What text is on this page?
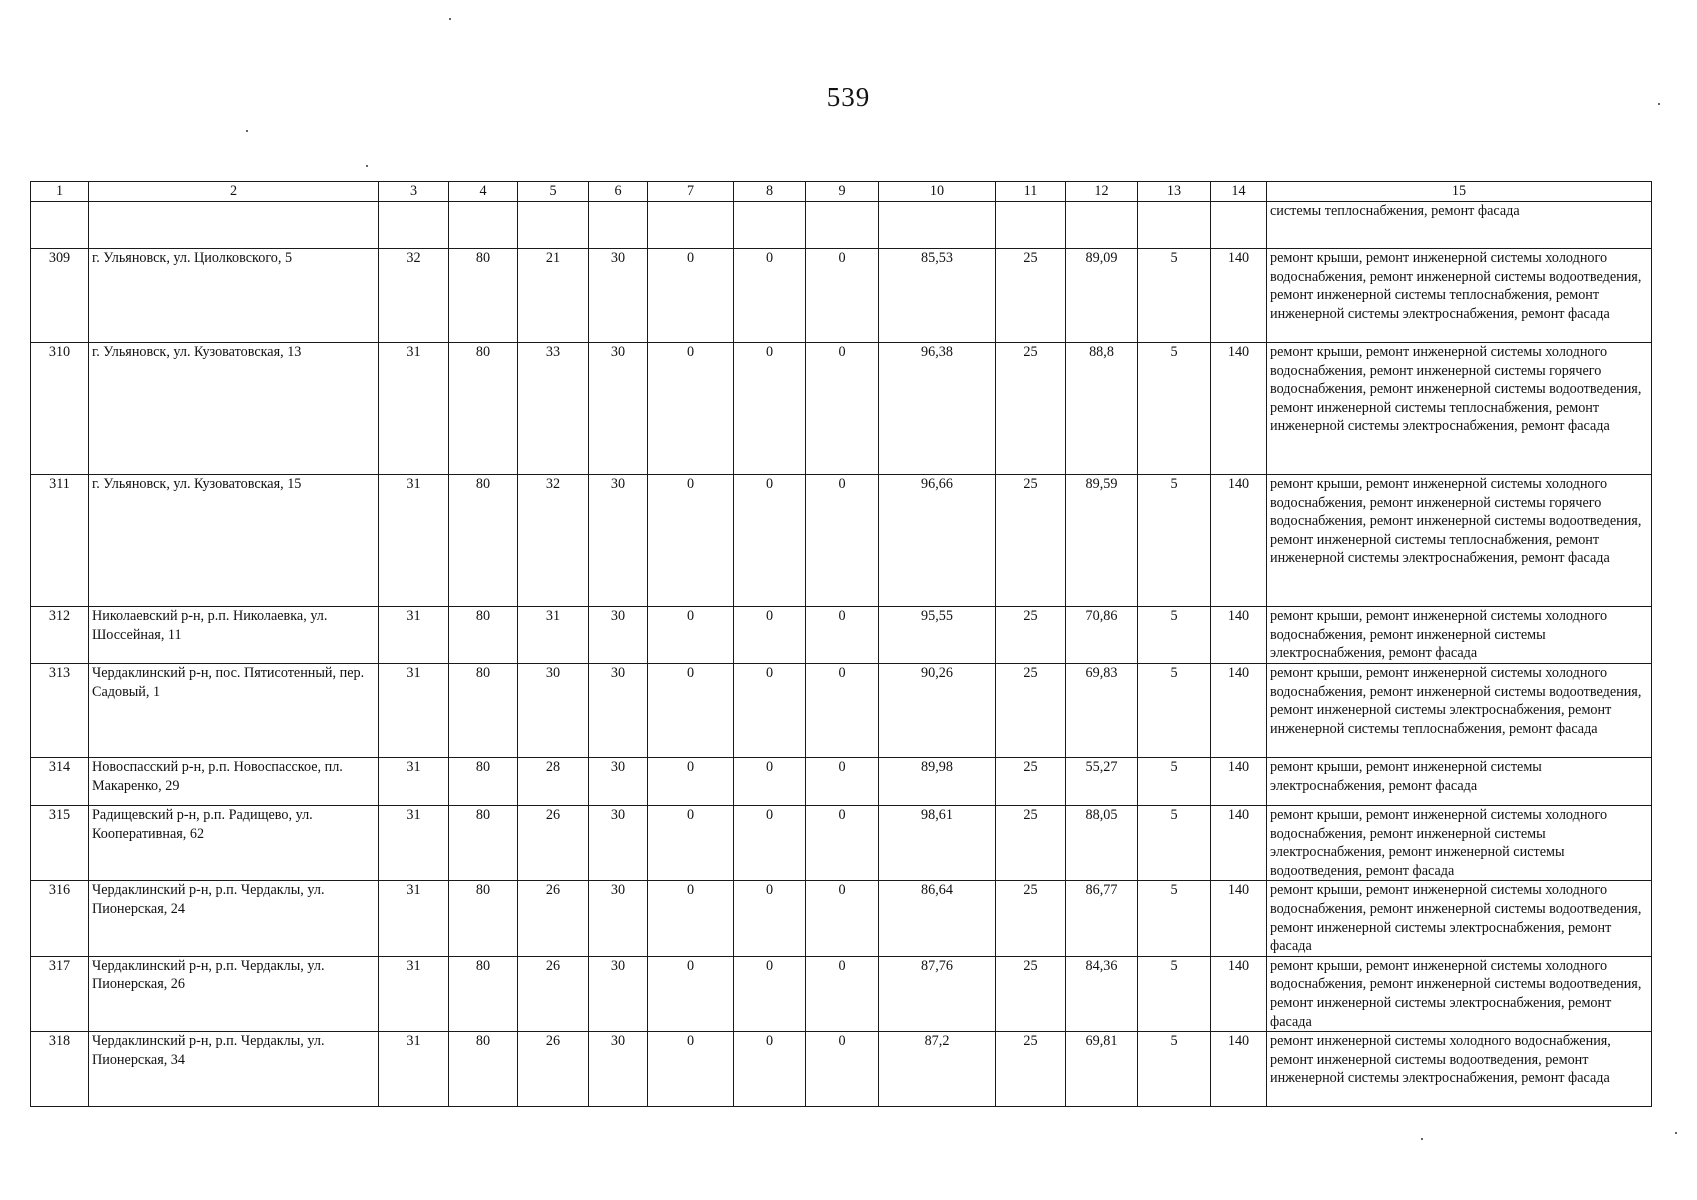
539
1	2	3	4	5	6	7	8	9	10	11	12	13	14	15
														системы теплоснабжения, ремонт фасада
309	г. Ульяновск, ул. Циолковского, 5	32	80	21	30	0	0	0	85,53	25	89,09	5	140	ремонт крыши, ремонт инженерной системы холодного водоснабжения, ремонт инженерной системы водоотведения, ремонт инженерной системы теплоснабжения, ремонт инженерной системы электроснабжения, ремонт фасада
310	г. Ульяновск, ул. Кузоватовская, 13	31	80	33	30	0	0	0	96,38	25	88,8	5	140	ремонт крыши, ремонт инженерной системы холодного водоснабжения, ремонт инженерной системы горячего водоснабжения, ремонт инженерной системы водоотведения, ремонт инженерной системы теплоснабжения, ремонт инженерной системы электроснабжения, ремонт фасада
311	г. Ульяновск, ул. Кузоватовская, 15	31	80	32	30	0	0	0	96,66	25	89,59	5	140	ремонт крыши, ремонт инженерной системы холодного водоснабжения, ремонт инженерной системы горячего водоснабжения, ремонт инженерной системы водоотведения, ремонт инженерной системы теплоснабжения, ремонт инженерной системы электроснабжения, ремонт фасада
312	Николаевский р-н, р.п. Николаевка, ул. Шоссейная, 11	31	80	31	30	0	0	0	95,55	25	70,86	5	140	ремонт крыши, ремонт инженерной системы холодного водоснабжения, ремонт инженерной системы электроснабжения, ремонт фасада
313	Чердаклинский р-н, пос. Пятисотенный, пер. Садовый, 1	31	80	30	30	0	0	0	90,26	25	69,83	5	140	ремонт крыши, ремонт инженерной системы холодного водоснабжения, ремонт инженерной системы водоотведения, ремонт инженерной системы электроснабжения, ремонт инженерной системы теплоснабжения, ремонт фасада
314	Новоспасский р-н, р.п. Новоспасское, пл. Макаренко, 29	31	80	28	30	0	0	0	89,98	25	55,27	5	140	ремонт крыши, ремонт инженерной системы электроснабжения, ремонт фасада
315	Радищевский р-н, р.п. Радищево, ул. Кооперативная, 62	31	80	26	30	0	0	0	98,61	25	88,05	5	140	ремонт крыши, ремонт инженерной системы холодного водоснабжения, ремонт инженерной системы электроснабжения, ремонт инженерной системы водоотведения, ремонт фасада
316	Чердаклинский р-н, р.п. Чердаклы, ул. Пионерская, 24	31	80	26	30	0	0	0	86,64	25	86,77	5	140	ремонт крыши, ремонт инженерной системы холодного водоснабжения, ремонт инженерной системы водоотведения, ремонт инженерной системы электроснабжения, ремонт фасада
317	Чердаклинский р-н, р.п. Чердаклы, ул. Пионерская, 26	31	80	26	30	0	0	0	87,76	25	84,36	5	140	ремонт крыши, ремонт инженерной системы холодного водоснабжения, ремонт инженерной системы водоотведения, ремонт инженерной системы электроснабжения, ремонт фасада
318	Чердаклинский р-н, р.п. Чердаклы, ул. Пионерская, 34	31	80	26	30	0	0	0	87,2	25	69,81	5	140	ремонт инженерной системы холодного водоснабжения, ремонт инженерной системы водоотведения, ремонт инженерной системы электроснабжения, ремонт фасада
